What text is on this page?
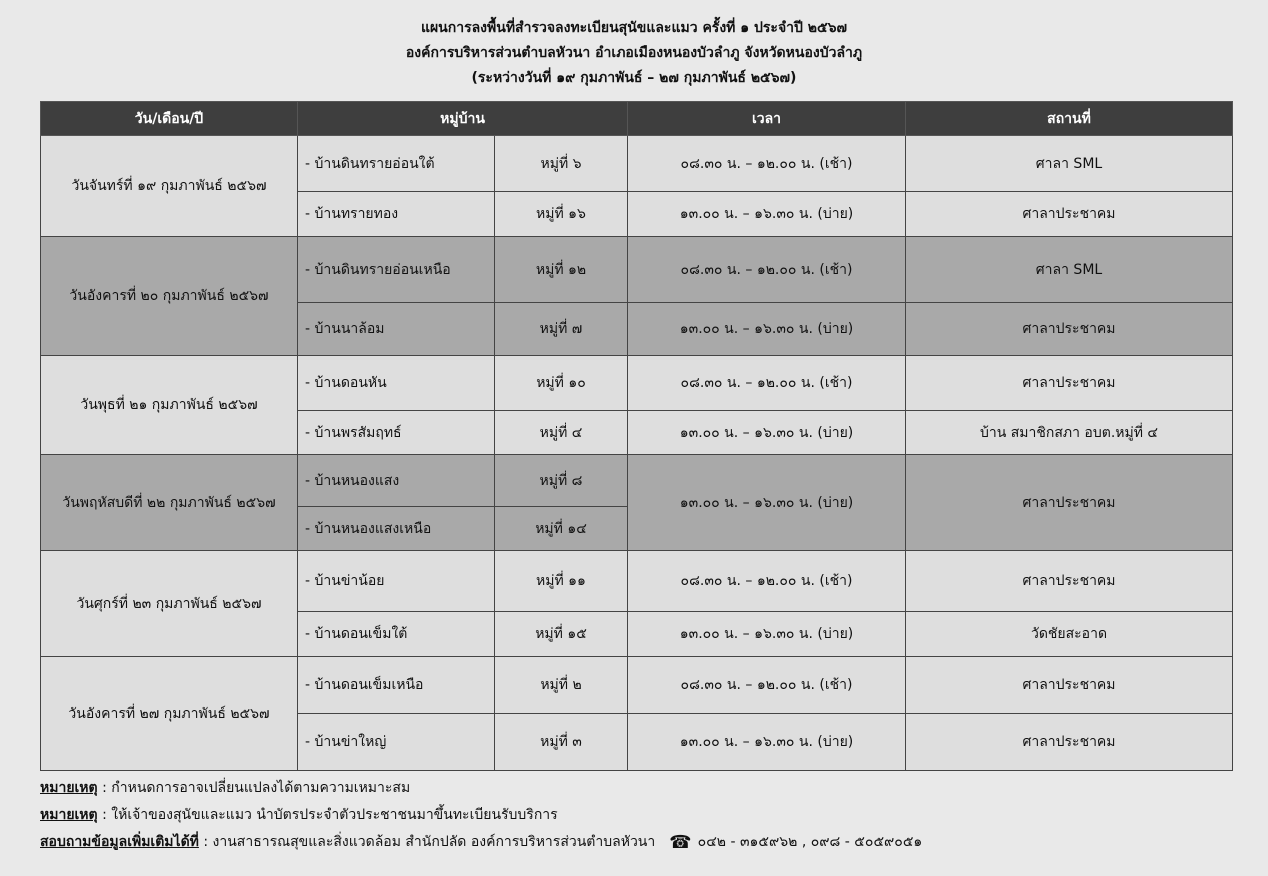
แผนการลงพื้นที่สำรวจลงทะเบียนสุนัขและแมว ครั้งที่ ๑ ประจำปี ๒๕๖๗
องค์การบริหารส่วนตำบลหัวนา อำเภอเมืองหนองบัวลำภู จังหวัดหนองบัวลำภู
(ระหว่างวันที่ ๑๙ กุมภาพันธ์ – ๒๗ กุมภาพันธ์ ๒๕๖๗)
วัน/เดือน/ปี	หมู่บ้าน		เวลา	สถานที่
วันจันทร์ที่ ๑๙ กุมภาพันธ์ ๒๕๖๗	- บ้านดินทรายอ่อนใต้	หมู่ที่ ๖	๐๘.๓๐ น. – ๑๒.๐๐ น. (เช้า)	ศาลา SML
	- บ้านทรายทอง	หมู่ที่ ๑๖	๑๓.๐๐ น. – ๑๖.๓๐ น. (บ่าย)	ศาลาประชาคม
วันอังคารที่ ๒๐ กุมภาพันธ์ ๒๕๖๗	- บ้านดินทรายอ่อนเหนือ	หมู่ที่ ๑๒	๐๘.๓๐ น. – ๑๒.๐๐ น. (เช้า)	ศาลา SML
	- บ้านนาล้อม	หมู่ที่ ๗	๑๓.๐๐ น. – ๑๖.๓๐ น. (บ่าย)	ศาลาประชาคม
วันพุธที่ ๒๑ กุมภาพันธ์ ๒๕๖๗	- บ้านดอนหัน	หมู่ที่ ๑๐	๐๘.๓๐ น. – ๑๒.๐๐ น. (เช้า)	ศาลาประชาคม
	- บ้านพรสัมฤทธ์	หมู่ที่ ๔	๑๓.๐๐ น. – ๑๖.๓๐ น. (บ่าย)	บ้าน สมาชิกสภา อบต.หมู่ที่ ๔
วันพฤหัสบดีที่ ๒๒ กุมภาพันธ์ ๒๕๖๗	- บ้านหนองแสง	หมู่ที่ ๘	๑๓.๐๐ น. – ๑๖.๓๐ น. (บ่าย)	ศาลาประชาคม
	- บ้านหนองแสงเหนือ	หมู่ที่ ๑๔		
วันศุกร์ที่ ๒๓ กุมภาพันธ์ ๒๕๖๗	- บ้านข่าน้อย	หมู่ที่ ๑๑	๐๘.๓๐ น. – ๑๒.๐๐ น. (เช้า)	ศาลาประชาคม
	- บ้านดอนเข็มใต้	หมู่ที่ ๑๕	๑๓.๐๐ น. – ๑๖.๓๐ น. (บ่าย)	วัดชัยสะอาด
วันอังคารที่ ๒๗ กุมภาพันธ์ ๒๕๖๗	- บ้านดอนเข็มเหนือ	หมู่ที่ ๒	๐๘.๓๐ น. – ๑๒.๐๐ น. (เช้า)	ศาลาประชาคม
	- บ้านข่าใหญ่	หมู่ที่ ๓	๑๓.๐๐ น. – ๑๖.๓๐ น. (บ่าย)	ศาลาประชาคม
หมายเหตุ : กำหนดการอาจเปลี่ยนแปลงได้ตามความเหมาะสม
หมายเหตุ : ให้เจ้าของสุนัขและแมว นำบัตรประจำตัวประชาชนมาขึ้นทะเบียนรับบริการ
สอบถามข้อมูลเพิ่มเติมได้ที่ : งานสาธารณสุขและสิ่งแวดล้อม สำนักปลัด องค์การบริหารส่วนตำบลหัวนา ☎ ๐๔๒ - ๓๑๕๙๖๒ , ๐๙๘ - ๕๐๕๙๐๕๑
